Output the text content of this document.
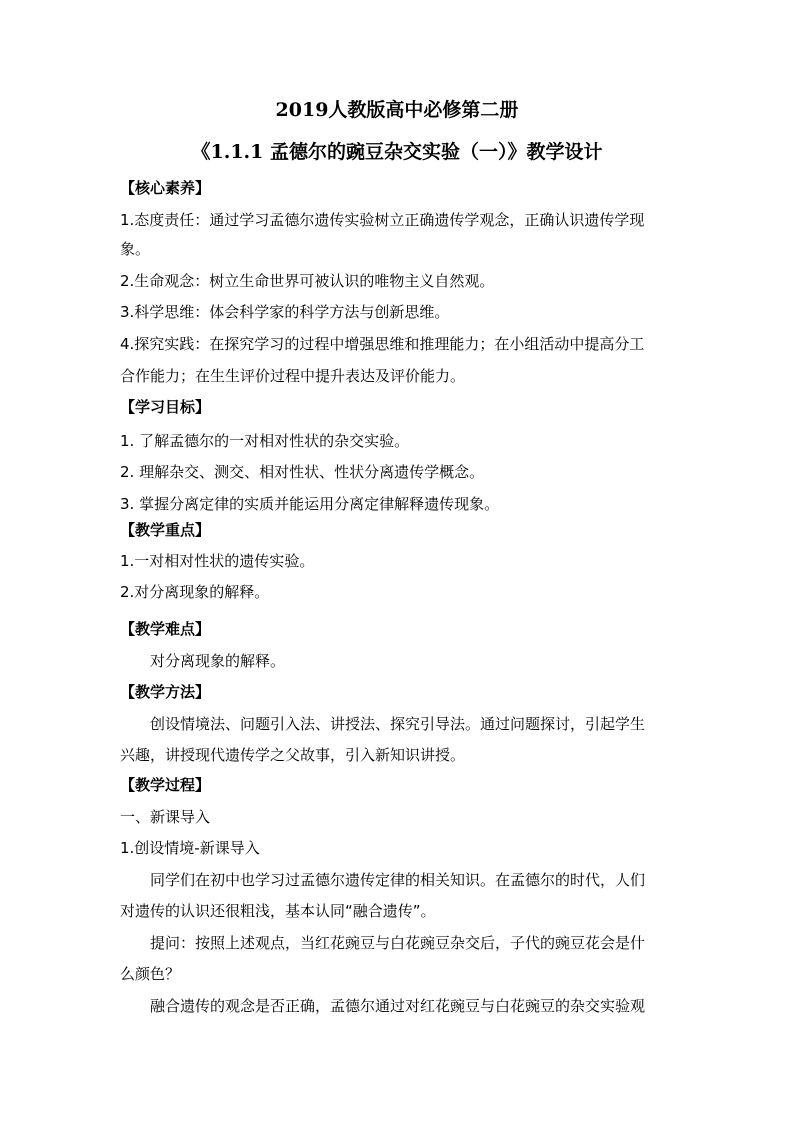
2019人教版高中必修第二册
《1.1.1 孟德尔的豌豆杂交实验（一）》教学设计
【核心素养】
1.态度责任：通过学习孟德尔遗传实验树立正确遗传学观念，正确认识遗传学现
象。
2.生命观念：树立生命世界可被认识的唯物主义自然观。
3.科学思维：体会科学家的科学方法与创新思维。
4.探究实践：在探究学习的过程中增强思维和推理能力；在小组活动中提高分工
合作能力；在生生评价过程中提升表达及评价能力。
【学习目标】
1. 了解孟德尔的一对相对性状的杂交实验。
2. 理解杂交、测交、相对性状、性状分离遗传学概念。
3. 掌握分离定律的实质并能运用分离定律解释遗传现象。
【教学重点】
1.一对相对性状的遗传实验。
2.对分离现象的解释。
【教学难点】
对分离现象的解释。
【教学方法】
创设情境法、问题引入法、讲授法、探究引导法。通过问题探讨，引起学生
兴趣，讲授现代遗传学之父故事，引入新知识讲授。
【教学过程】
一、新课导入
1.创设情境-新课导入
同学们在初中也学习过孟德尔遗传定律的相关知识。在孟德尔的时代，人们
对遗传的认识还很粗浅，基本认同“融合遗传”。
提问：按照上述观点，当红花豌豆与白花豌豆杂交后，子代的豌豆花会是什
么颜色？
融合遗传的观念是否正确，孟德尔通过对红花豌豆与白花豌豆的杂交实验观
